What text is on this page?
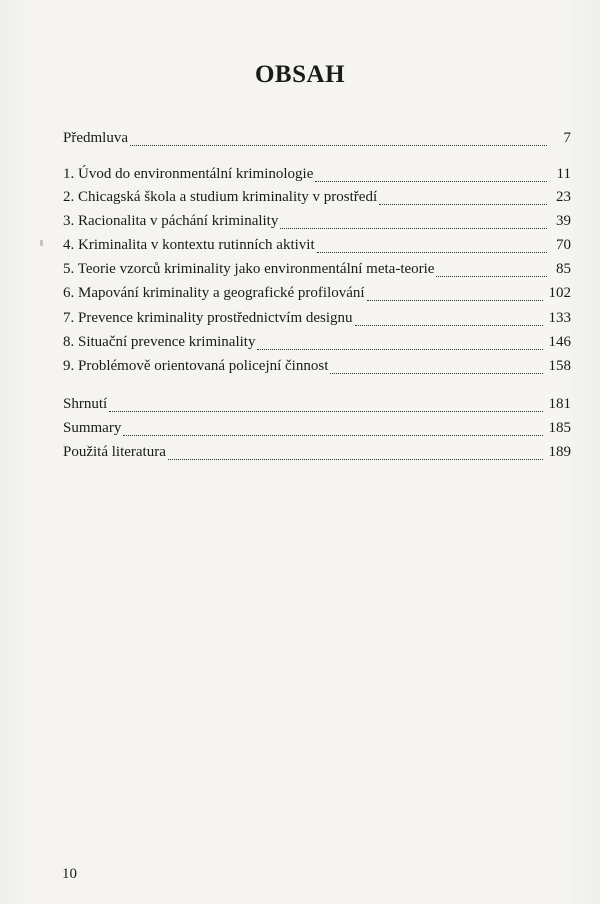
OBSAH
Předmluva	7
1. Úvod do environmentální kriminologie	11
2. Chicagská škola a studium kriminality v prostředí	23
3. Racionalita v páchání kriminality	39
4. Kriminalita v kontextu rutinních aktivit	70
5. Teorie vzorců kriminality jako environmentální meta-teorie	85
6. Mapování kriminality a geografické profilování	102
7. Prevence kriminality prostřednictvím designu	133
8. Situační prevence kriminality	146
9. Problémově orientovaná policejní činnost	158
Shrnutí	181
Summary	185
Použitá literatura	189
10
